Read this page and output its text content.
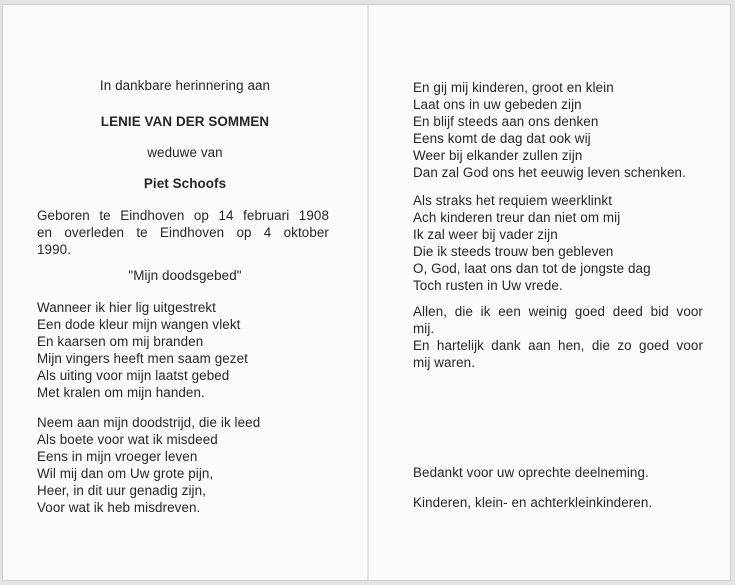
In dankbare herinnering aan
LENIE VAN DER SOMMEN
weduwe van
Piet Schoofs
Geboren te Eindhoven op 14 februari 1908
en overleden te Eindhoven op 4 oktober
1990.
"Mijn doodsgebed"
Wanneer ik hier lig uitgestrekt
Een dode kleur mijn wangen vlekt
En kaarsen om mij branden
Mijn vingers heeft men saam gezet
Als uiting voor mijn laatst gebed
Met kralen om mijn handen.
Neem aan mijn doodstrijd, die ik leed
Als boete voor wat ik misdeed
Eens in mijn vroeger leven
Wil mij dan om Uw grote pijn,
Heer, in dit uur genadig zijn,
Voor wat ik heb misdreven.
En gij mij kinderen, groot en klein
Laat ons in uw gebeden zijn
En blijf steeds aan ons denken
Eens komt de dag dat ook wij
Weer bij elkander zullen zijn
Dan zal God ons het eeuwig leven schenken.
Als straks het requiem weerklinkt
Ach kinderen treur dan niet om mij
Ik zal weer bij vader zijn
Die ik steeds trouw ben gebleven
O, God, laat ons dan tot de jongste dag
Toch rusten in Uw vrede.
Allen, die ik een weinig goed deed bid voor
mij.
En hartelijk dank aan hen, die zo goed voor
mij waren.
Bedankt voor uw oprechte deelneming.
Kinderen, klein- en achterkleinkinderen.
